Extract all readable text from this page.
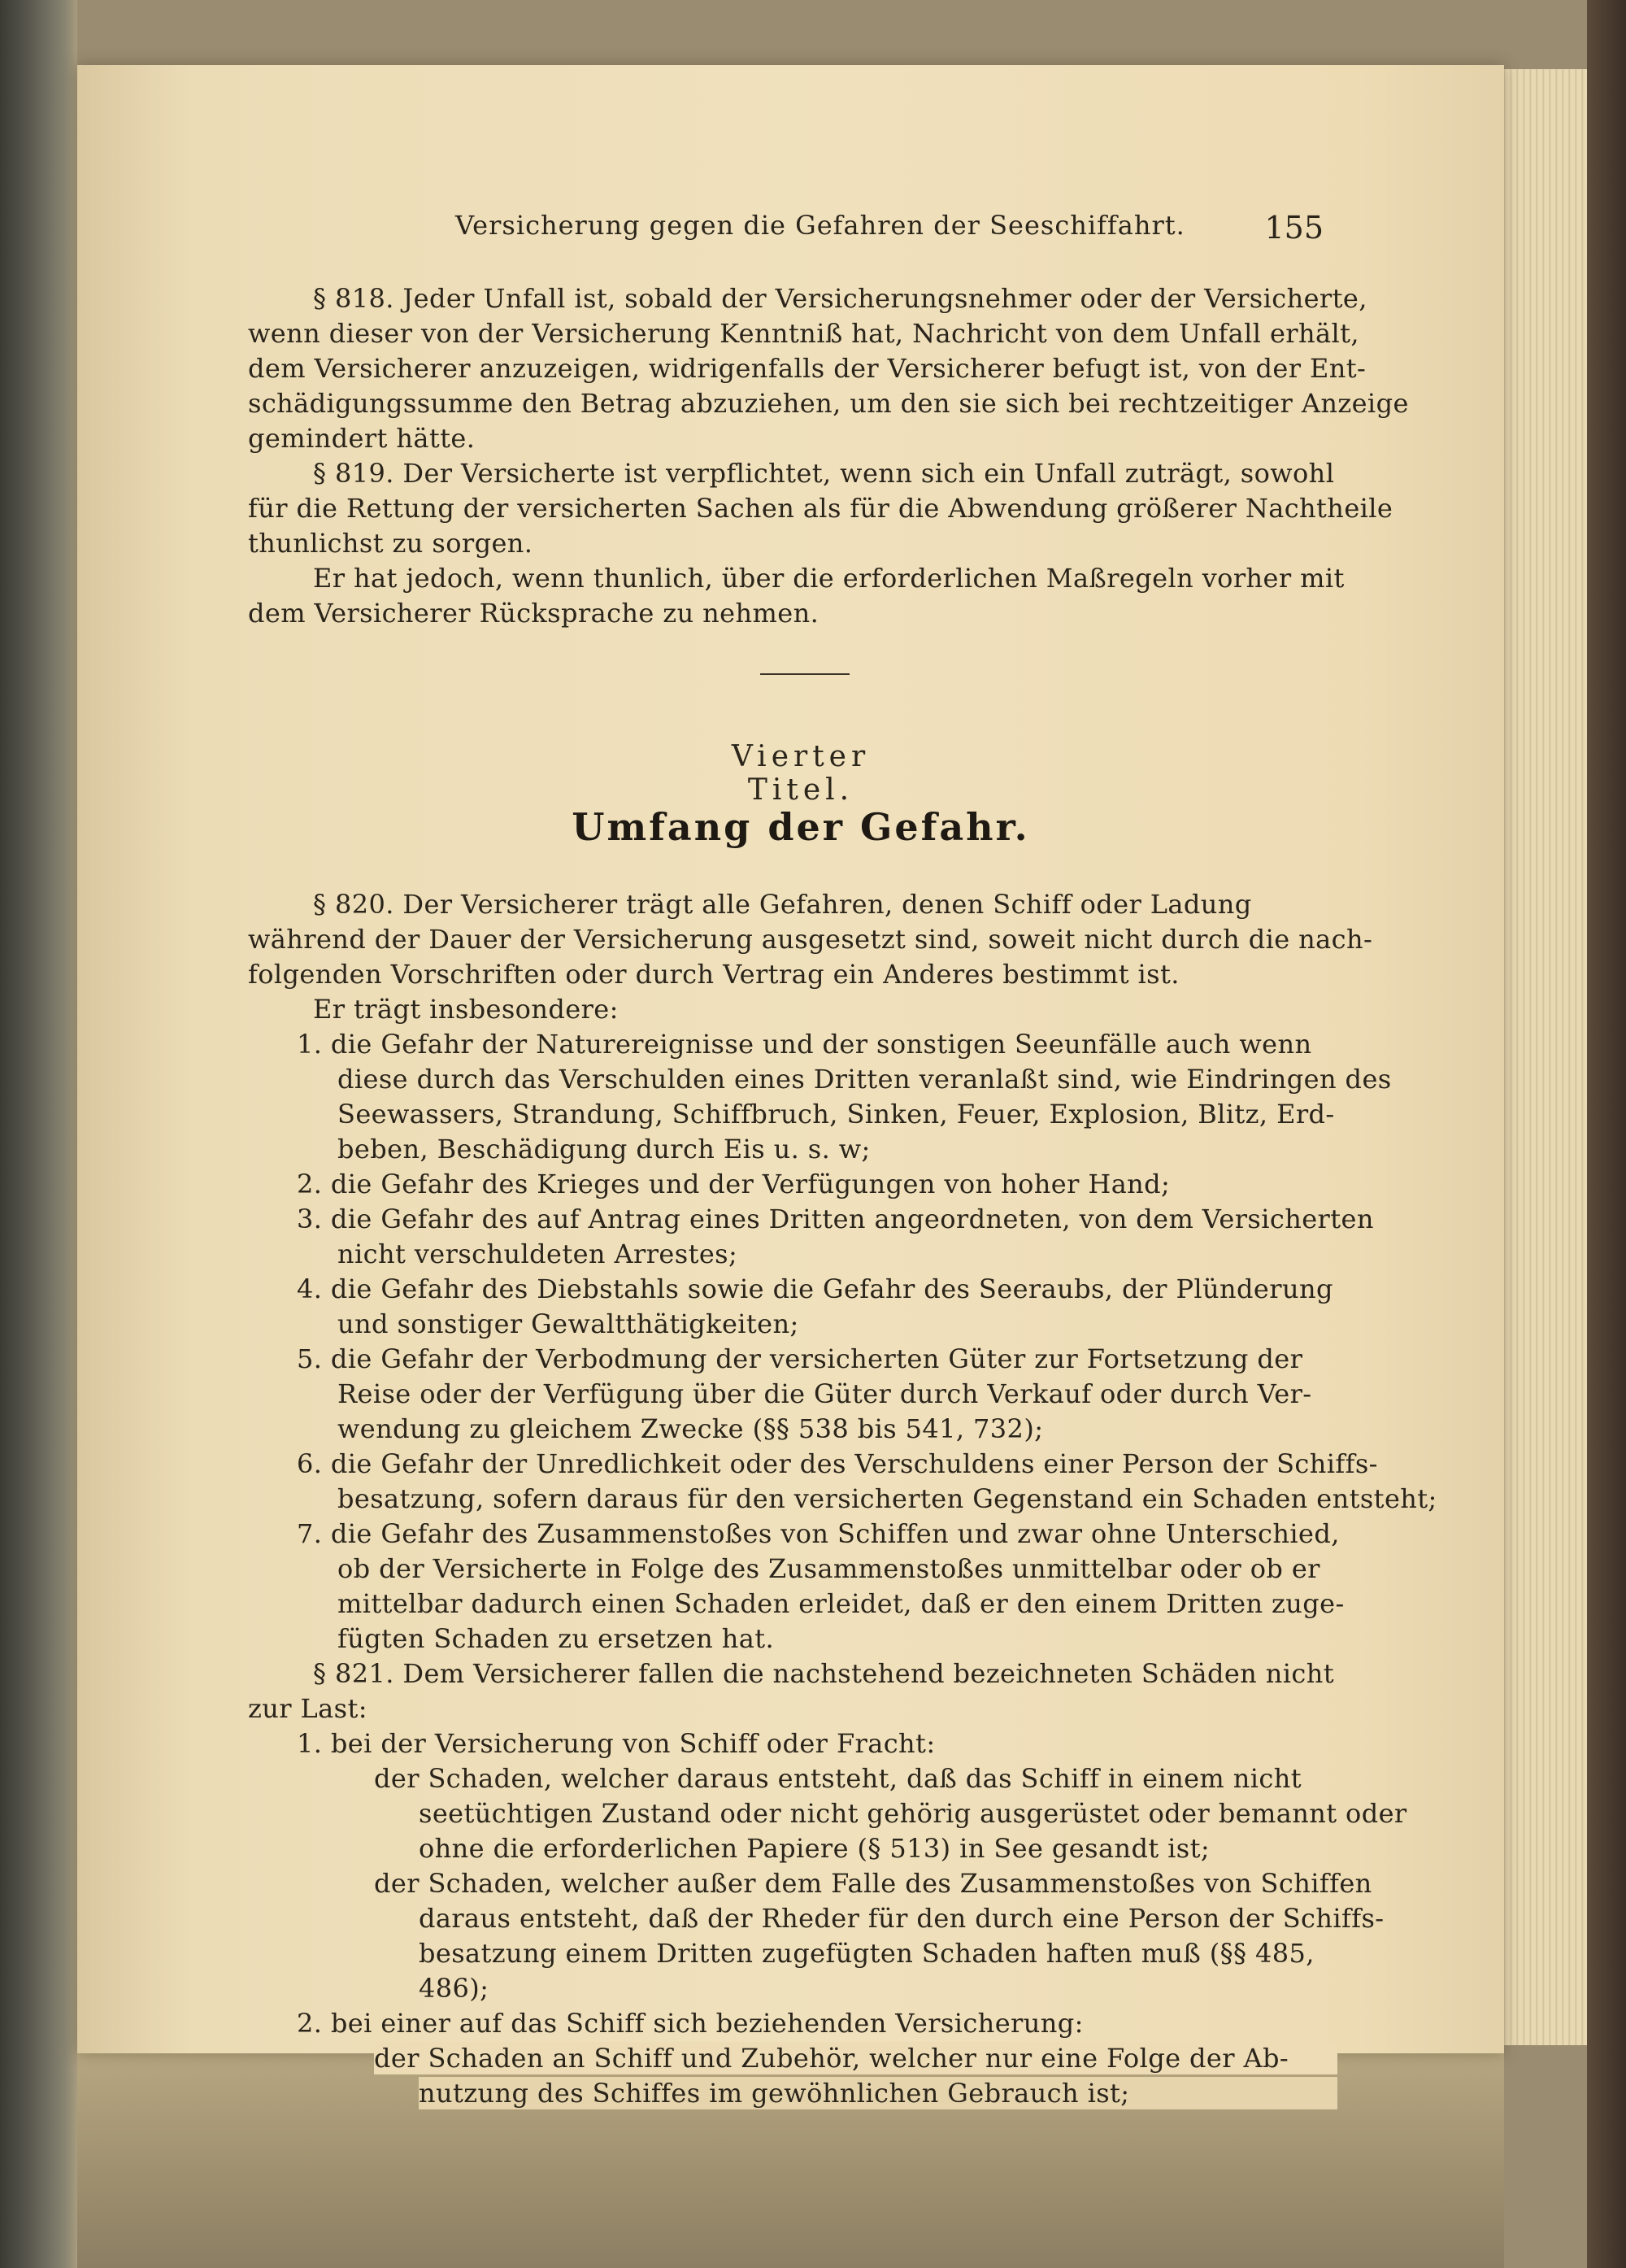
Versicherung gegen die Gefahren der Seeschiffahrt.	155
§ 818. Jeder Unfall ist, sobald der Versicherungsnehmer oder der Versicherte,
wenn dieser von der Versicherung Kenntniß hat, Nachricht von dem Unfall erhält,
dem Versicherer anzuzeigen, widrigenfalls der Versicherer befugt ist, von der Ent-
schädigungssumme den Betrag abzuziehen, um den sie sich bei rechtzeitiger Anzeige
gemindert hätte.
§ 819. Der Versicherte ist verpflichtet, wenn sich ein Unfall zuträgt, sowohl
für die Rettung der versicherten Sachen als für die Abwendung größerer Nachtheile
thunlichst zu sorgen.
Er hat jedoch, wenn thunlich, über die erforderlichen Maßregeln vorher mit
dem Versicherer Rücksprache zu nehmen.
Vierter Titel.
Umfang der Gefahr.
§ 820. Der Versicherer trägt alle Gefahren, denen Schiff oder Ladung
während der Dauer der Versicherung ausgesetzt sind, soweit nicht durch die nach-
folgenden Vorschriften oder durch Vertrag ein Anderes bestimmt ist.
Er trägt insbesondere:
1. die Gefahr der Naturereignisse und der sonstigen Seeunfälle auch wenn
diese durch das Verschulden eines Dritten veranlaßt sind, wie Eindringen des
Seewassers, Strandung, Schiffbruch, Sinken, Feuer, Explosion, Blitz, Erd-
beben, Beschädigung durch Eis u. s. w;
2. die Gefahr des Krieges und der Verfügungen von hoher Hand;
3. die Gefahr des auf Antrag eines Dritten angeordneten, von dem Versicherten
nicht verschuldeten Arrestes;
4. die Gefahr des Diebstahls sowie die Gefahr des Seeraubs, der Plünderung
und sonstiger Gewaltthätigkeiten;
5. die Gefahr der Verbodmung der versicherten Güter zur Fortsetzung der
Reise oder der Verfügung über die Güter durch Verkauf oder durch Ver-
wendung zu gleichem Zwecke (§§ 538 bis 541, 732);
6. die Gefahr der Unredlichkeit oder des Verschuldens einer Person der Schiffs-
besatzung, sofern daraus für den versicherten Gegenstand ein Schaden entsteht;
7. die Gefahr des Zusammenstoßes von Schiffen und zwar ohne Unterschied,
ob der Versicherte in Folge des Zusammenstoßes unmittelbar oder ob er
mittelbar dadurch einen Schaden erleidet, daß er den einem Dritten zuge-
fügten Schaden zu ersetzen hat.
§ 821. Dem Versicherer fallen die nachstehend bezeichneten Schäden nicht
zur Last:
1. bei der Versicherung von Schiff oder Fracht:
der Schaden, welcher daraus entsteht, daß das Schiff in einem nicht
seetüchtigen Zustand oder nicht gehörig ausgerüstet oder bemannt oder
ohne die erforderlichen Papiere (§ 513) in See gesandt ist;
der Schaden, welcher außer dem Falle des Zusammenstoßes von Schiffen
daraus entsteht, daß der Rheder für den durch eine Person der Schiffs-
besatzung einem Dritten zugefügten Schaden haften muß (§§ 485,
486);
2. bei einer auf das Schiff sich beziehenden Versicherung:
der Schaden an Schiff und Zubehör, welcher nur eine Folge der Ab-
nutzung des Schiffes im gewöhnlichen Gebrauch ist;
